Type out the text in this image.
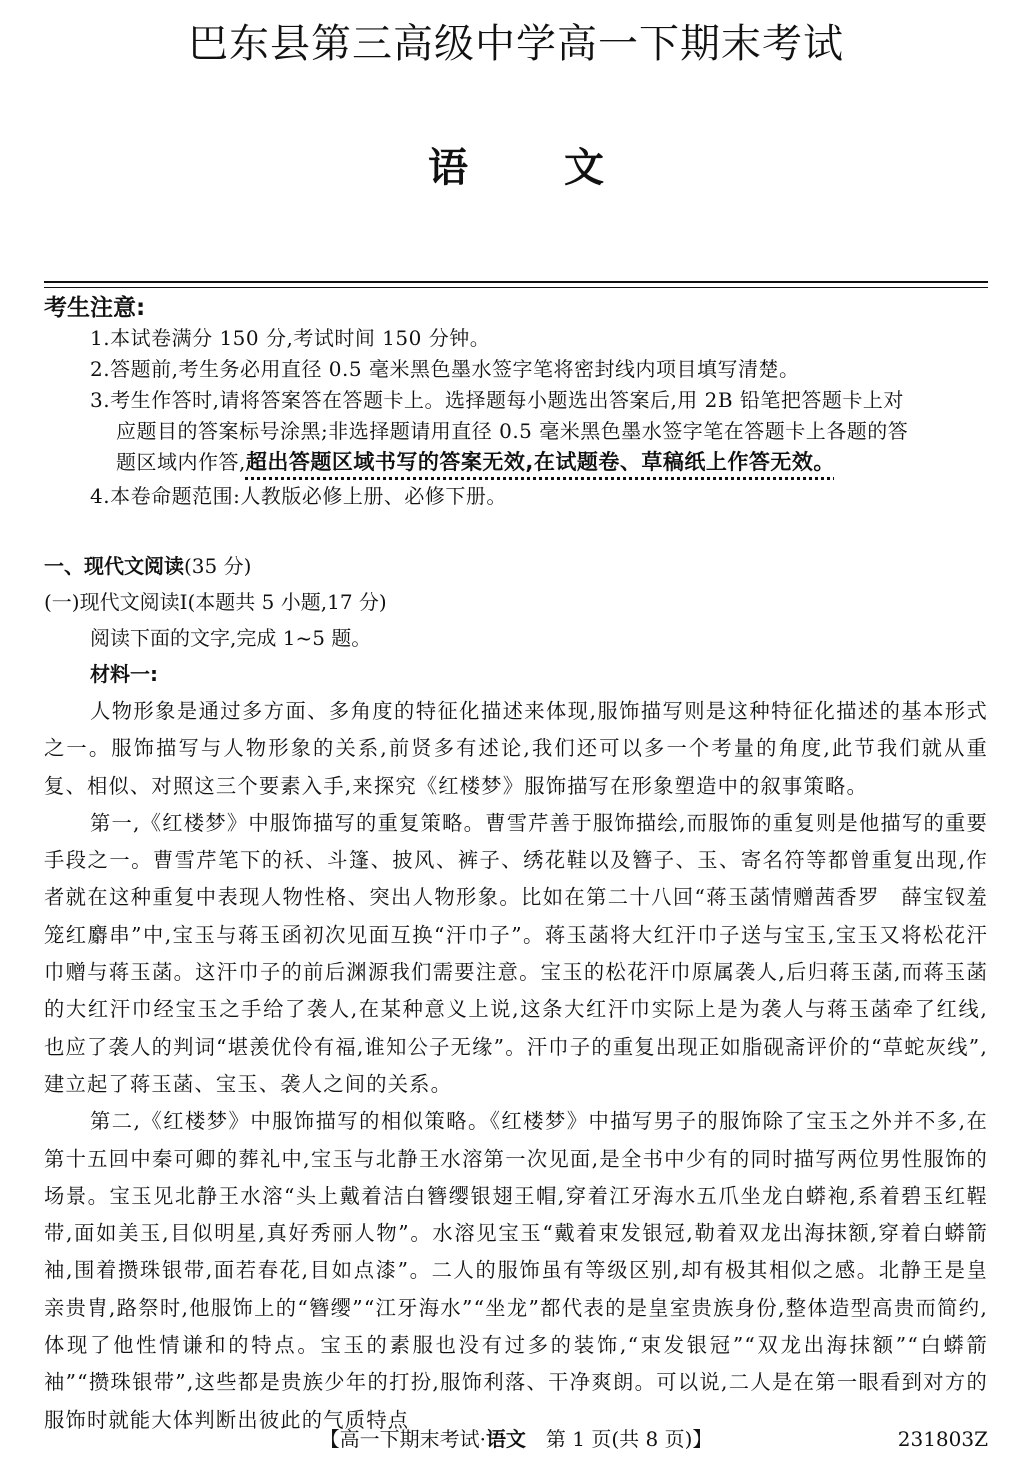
巴东县第三高级中学高一下期末考试
语 文
考生注意:
1.本试卷满分 150 分,考试时间 150 分钟。
2.答题前,考生务必用直径 0.5 毫米黑色墨水签字笔将密封线内项目填写清楚。
3.考生作答时,请将答案答在答题卡上。选择题每小题选出答案后,用 2B 铅笔把答题卡上对
应题目的答案标号涂黑;非选择题请用直径 0.5 毫米黑色墨水签字笔在答题卡上各题的答
题区域内作答,超出答题区域书写的答案无效,在试题卷、草稿纸上作答无效。
4.本卷命题范围:人教版必修上册、必修下册。
一、现代文阅读(35 分)
(一)现代文阅读Ⅰ(本题共 5 小题,17 分)
阅读下面的文字,完成 1~5 题。
材料一:

人物形象是通过多方面、多角度的特征化描述来体现,服饰描写则是这种特征化描述的基本形式之一。服饰描写与人物形象的关系,前贤多有述论,我们还可以多一个考量的角度,此节我们就从重复、相似、对照这三个要素入手,来探究《红楼梦》服饰描写在形象塑造中的叙事策略。

第一,《红楼梦》中服饰描写的重复策略。曹雪芹善于服饰描绘,而服饰的重复则是他描写的重要手段之一。曹雪芹笔下的袄、斗篷、披风、裤子、绣花鞋以及簪子、玉、寄名符等都曾重复出现,作者就在这种重复中表现人物性格、突出人物形象。比如在第二十八回“蒋玉菡情赠茜香罗　薛宝钗羞笼红麝串”中,宝玉与蒋玉函初次见面互换“汗巾子”。蒋玉菡将大红汗巾子送与宝玉,宝玉又将松花汗巾赠与蒋玉菡。这汗巾子的前后渊源我们需要注意。宝玉的松花汗巾原属袭人,后归蒋玉菡,而蒋玉菡的大红汗巾经宝玉之手给了袭人,在某种意义上说,这条大红汗巾实际上是为袭人与蒋玉菡牵了红线,也应了袭人的判词“堪羡优伶有福,谁知公子无缘”。汗巾子的重复出现正如脂砚斋评价的“草蛇灰线”,建立起了蒋玉菡、宝玉、袭人之间的关系。

第二,《红楼梦》中服饰描写的相似策略。《红楼梦》中描写男子的服饰除了宝玉之外并不多,在第十五回中秦可卿的葬礼中,宝玉与北静王水溶第一次见面,是全书中少有的同时描写两位男性服饰的场景。宝玉见北静王水溶“头上戴着洁白簪缨银翅王帽,穿着江牙海水五爪坐龙白蟒袍,系着碧玉红鞓带,面如美玉,目似明星,真好秀丽人物”。水溶见宝玉“戴着束发银冠,勒着双龙出海抹额,穿着白蟒箭袖,围着攒珠银带,面若春花,目如点漆”。二人的服饰虽有等级区别,却有极其相似之感。北静王是皇亲贵胄,路祭时,他服饰上的“簪缨”“江牙海水”“坐龙”都代表的是皇室贵族身份,整体造型高贵而简约,体现了他性情谦和的特点。宝玉的素服也没有过多的装饰,“束发银冠”“双龙出海抹额”“白蟒箭袖”“攒珠银带”,这些都是贵族少年的打扮,服饰利落、干净爽朗。可以说,二人是在第一眼看到对方的服饰时就能大体判断出彼此的气质特点

【高一下期末考试·语文　第 1 页(共 8 页)】	231803Z
